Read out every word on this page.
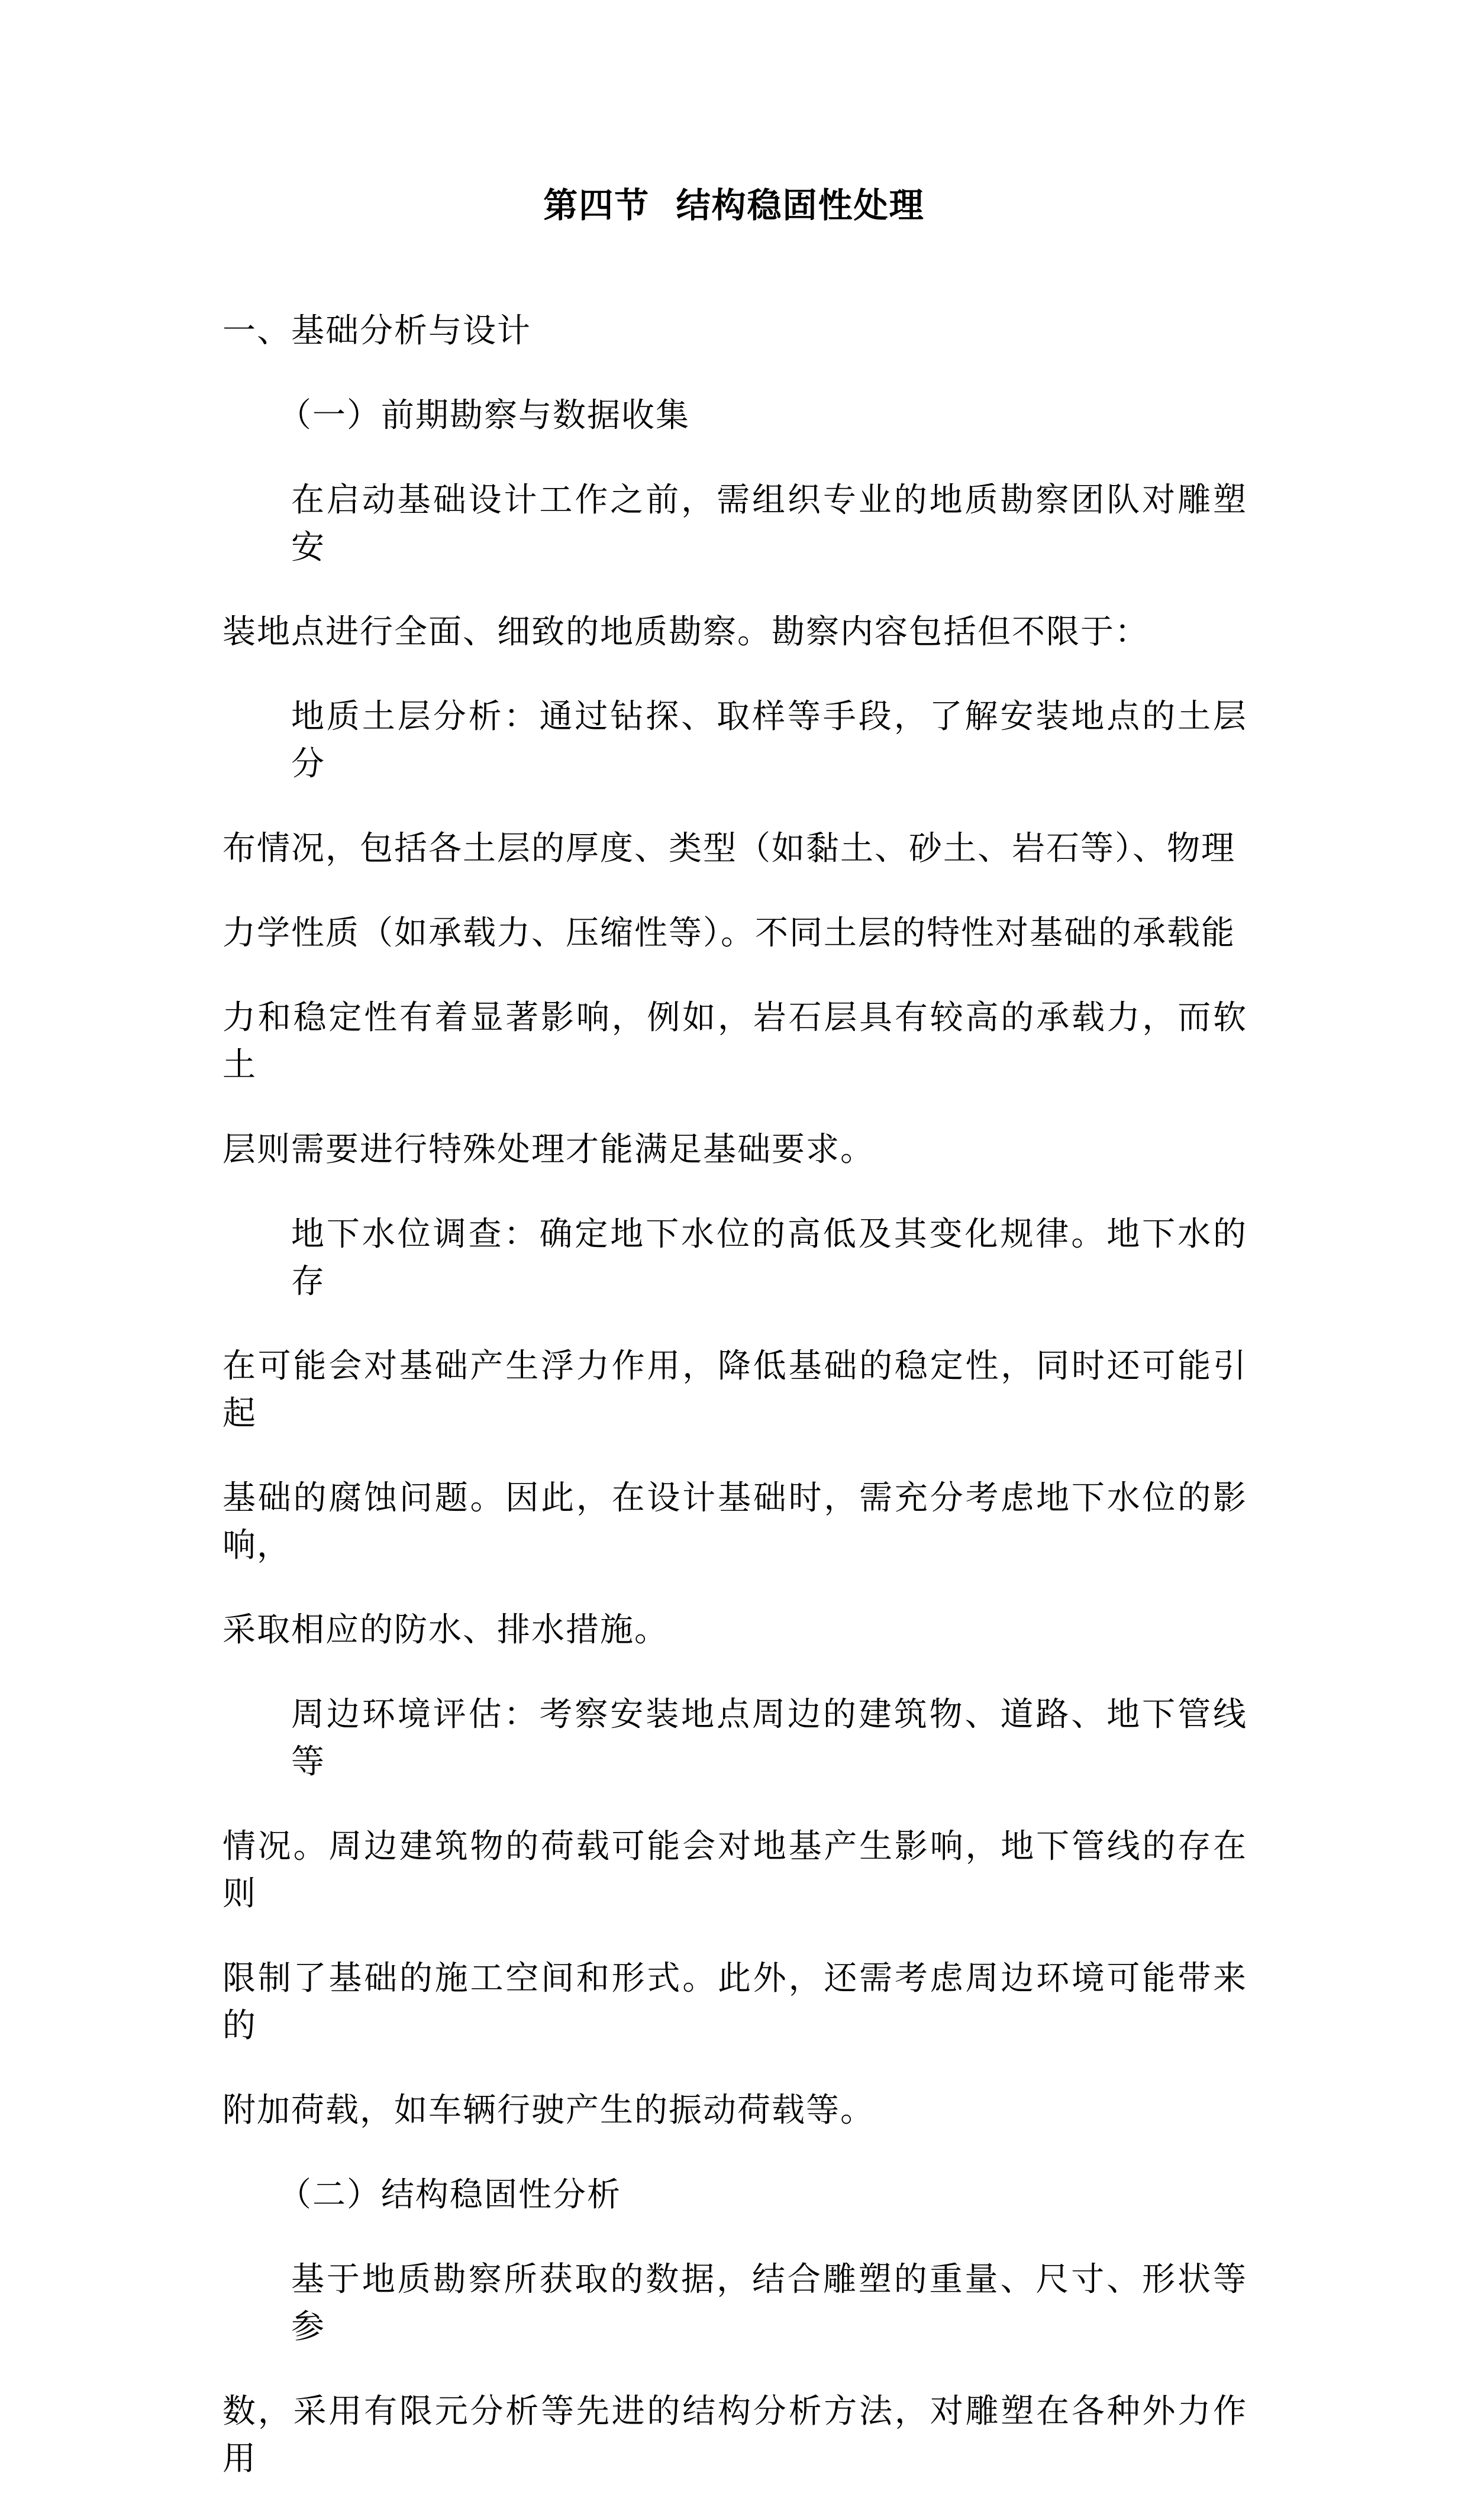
第四节  结构稳固性处理
一、基础分析与设计
（一）前期勘察与数据收集
在启动基础设计工作之前，需组织专业的地质勘察团队对雕塑安
装地点进行全面、细致的地质勘察。勘察内容包括但不限于：
地质土层分析：通过钻探、取样等手段，了解安装地点的土层分
布情况，包括各土层的厚度、类型（如黏土、砂土、岩石等）、物理
力学性质（如承载力、压缩性等）。不同土层的特性对基础的承载能
力和稳定性有着显著影响，例如，岩石层具有较高的承载力，而软土
层则需要进行特殊处理才能满足基础要求。
地下水位调查：确定地下水位的高低及其变化规律。地下水的存
在可能会对基础产生浮力作用，降低基础的稳定性，同时还可能引起
基础的腐蚀问题。因此，在设计基础时，需充分考虑地下水位的影响，
采取相应的防水、排水措施。
周边环境评估：考察安装地点周边的建筑物、道路、地下管线等
情况。周边建筑物的荷载可能会对地基产生影响，地下管线的存在则
限制了基础的施工空间和形式。此外，还需考虑周边环境可能带来的
附加荷载，如车辆行驶产生的振动荷载等。
（二）结构稳固性分析
基于地质勘察所获取的数据，结合雕塑的重量、尺寸、形状等参
数，采用有限元分析等先进的结构分析方法，对雕塑在各种外力作用
